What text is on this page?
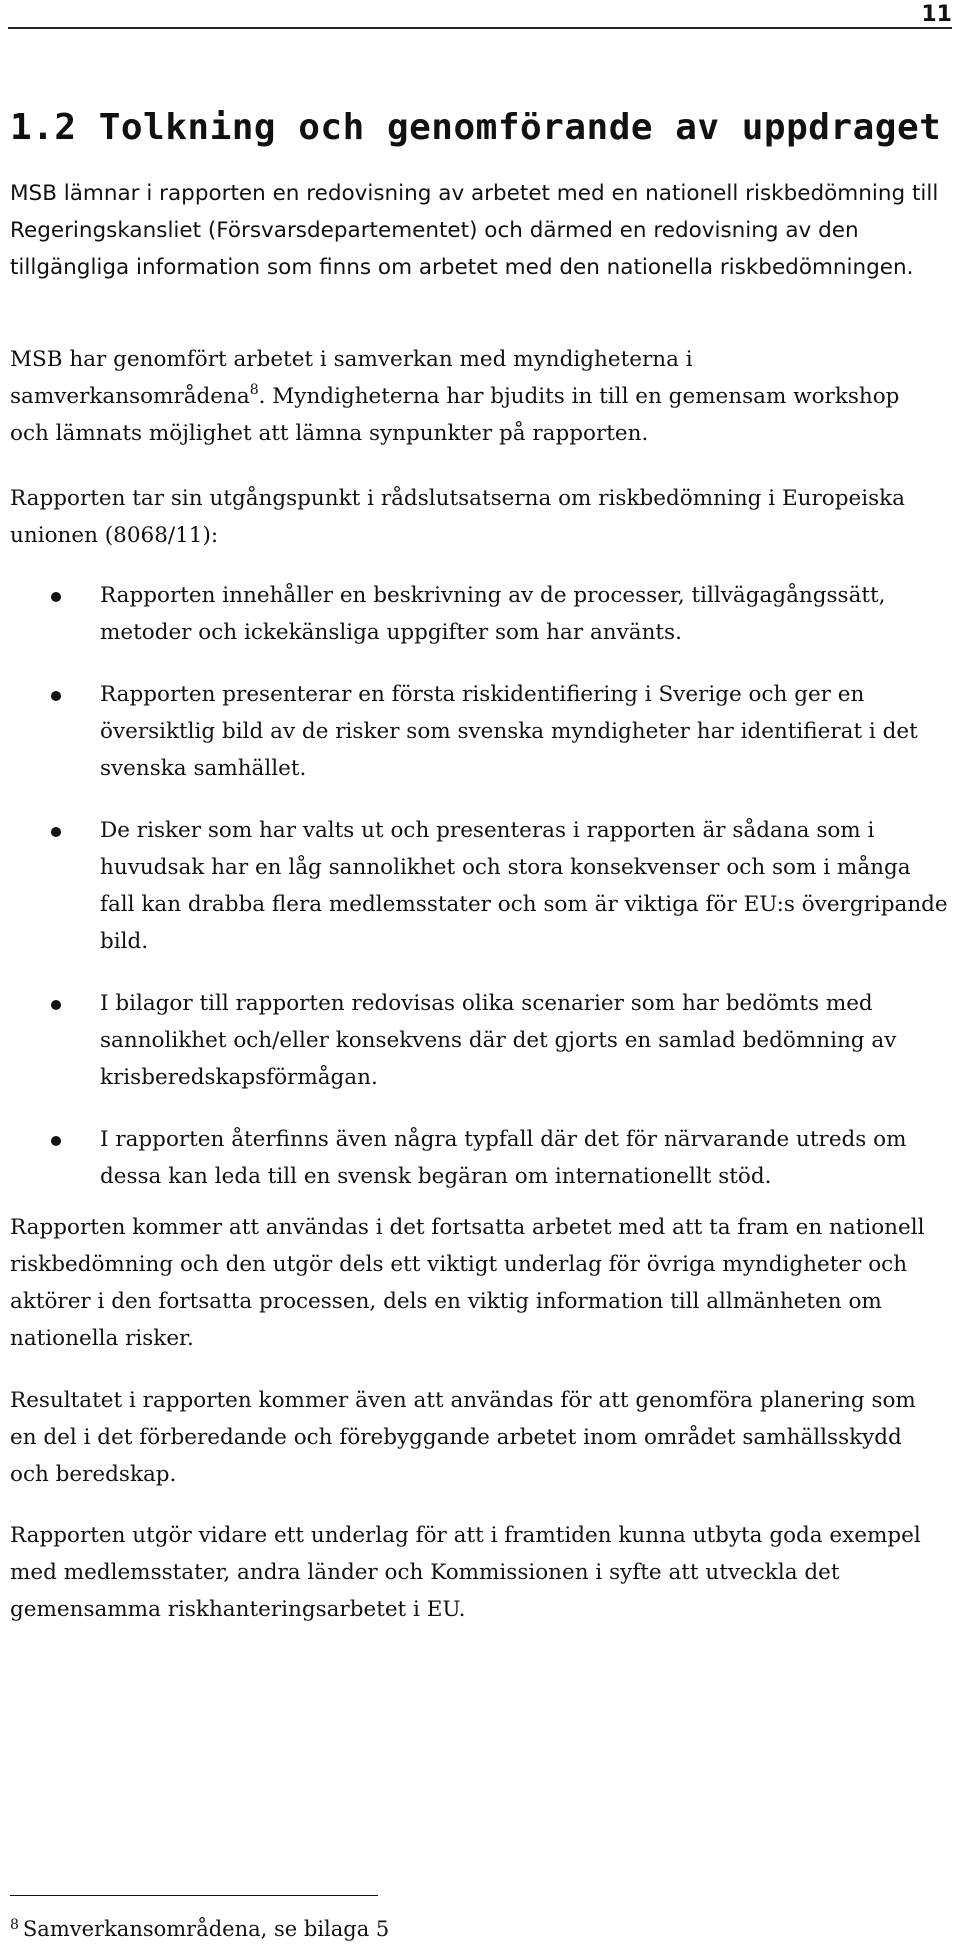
11
1.2 Tolkning och genomförande av uppdraget

MSB lämnar i rapporten en redovisning av arbetet med en nationell riskbedömning till Regeringskansliet (Försvarsdepartementet) och därmed en redovisning av den tillgängliga information som finns om arbetet med den nationella riskbedömningen.

MSB har genomfört arbetet i samverkan med myndigheterna i samverkansområdena$^8$. Myndigheterna har bjudits in till en gemensam workshop och lämnats möjlighet att lämna synpunkter på rapporten.

Rapporten tar sin utgångspunkt i rådslutsatserna om riskbedömning i Europeiska unionen (8068/11):

Rapporten innehåller en beskrivning av de processer, tillvägagångssätt, metoder och ickekänsliga uppgifter som har använts.
Rapporten presenterar en första riskidentifiering i Sverige och ger en översiktlig bild av de risker som svenska myndigheter har identifierat i det svenska samhället.
De risker som har valts ut och presenteras i rapporten är sådana som i huvudsak har en låg sannolikhet och stora konsekvenser och som i många fall kan drabba flera medlemsstater och som är viktiga för EU:s övergripande bild.
I bilagor till rapporten redovisas olika scenarier som har bedömts med sannolikhet och/eller konsekvens där det gjorts en samlad bedömning av krisberedskapsförmågan.
I rapporten återfinns även några typfall där det för närvarande utreds om dessa kan leda till en svensk begäran om internationellt stöd.

Rapporten kommer att användas i det fortsatta arbetet med att ta fram en nationell riskbedömning och den utgör dels ett viktigt underlag för övriga myndigheter och aktörer i den fortsatta processen, dels en viktig information till allmänheten om nationella risker.

Resultatet i rapporten kommer även att användas för att genomföra planering som en del i det förberedande och förebyggande arbetet inom området samhällsskydd och beredskap.

Rapporten utgör vidare ett underlag för att i framtiden kunna utbyta goda exempel med medlemsstater, andra länder och Kommissionen i syfte att utveckla det gemensamma riskhanteringsarbetet i EU.

$^8$ Samverkansområdena, se bilaga 5
